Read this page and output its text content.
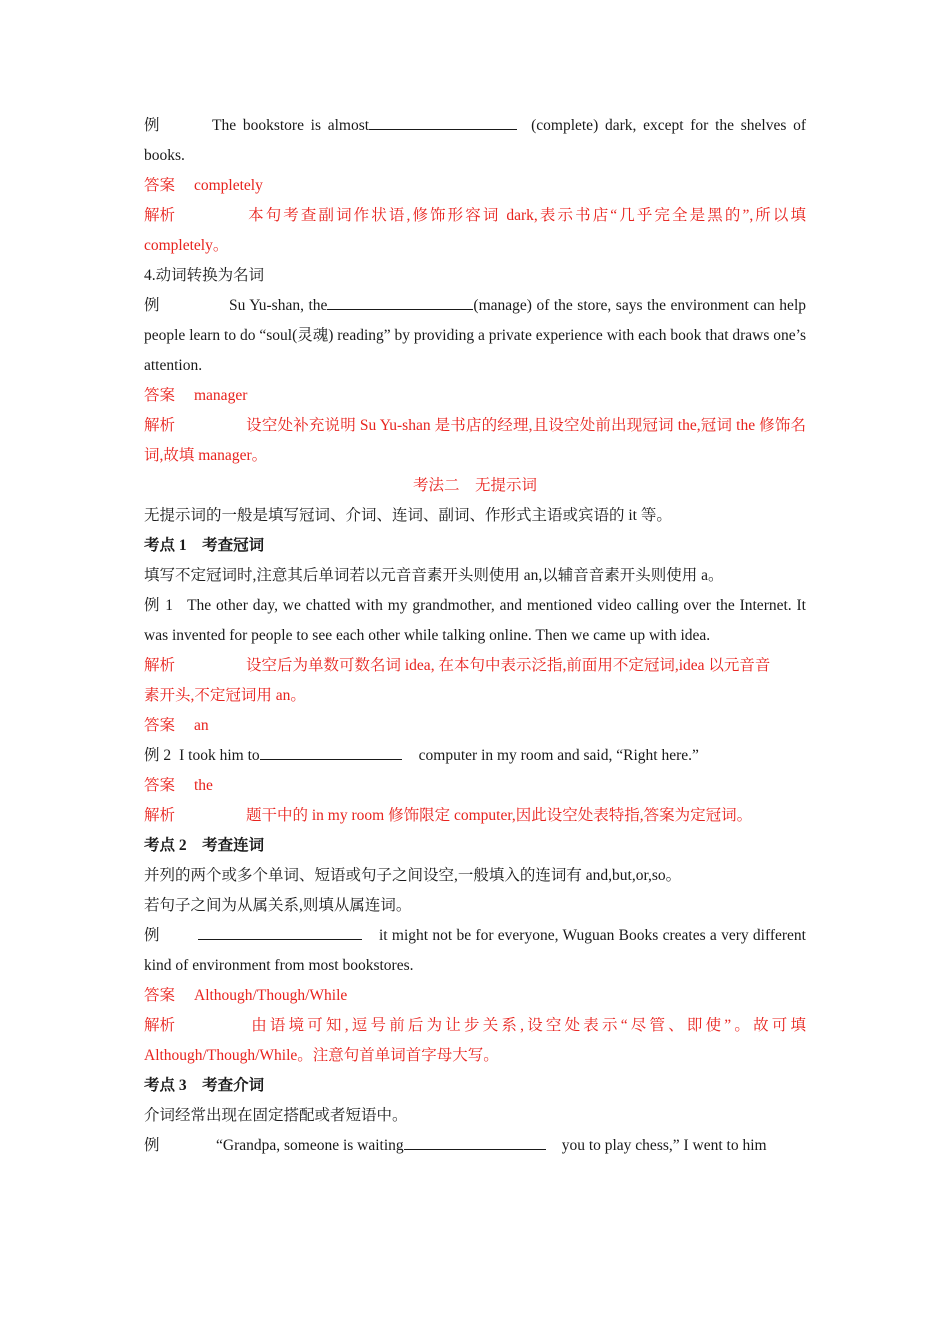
例	The bookstore is almost	(complete) dark, except for the shelves of books.

答案 completely

解析	本句考查副词作状语,修饰形容词 dark,表示书店“几乎完全是黑的”,所以填 completely。

4.动词转换为名词

例	Su Yu-shan, the	(manage) of the store, says the environment can help people learn to do “soul(灵魂) reading” by providing a private experience with each book that draws one’s attention.

答案 manager

解析	设空处补充说明 Su Yu-shan 是书店的经理,且设空处前出现冠词 the,冠词 the 修饰名词,故填 manager。

考法二　无提示词

无提示词的一般是填写冠词、介词、连词、副词、作形式主语或宾语的 it 等。

考点 1　考查冠词

填写不定冠词时,注意其后单词若以元音音素开头则使用 an,以辅音音素开头则使用 a。

例 1 The other day, we chatted with my grandmother, and mentioned video calling over the Internet. It was invented for people to see each other while talking online. Then we came up with idea.

解析	设空后为单数可数名词 idea, 在本句中表示泛指,前面用不定冠词,idea 以元音音

素开头,不定冠词用 an。

答案 an

例 2 I took him to	computer in my room and said, “Right here.”

答案 the

解析	题干中的 in my room 修饰限定 computer,因此设空处表特指,答案为定冠词。

考点 2　考查连词

并列的两个或多个单词、短语或句子之间设空,一般填入的连词有 and,but,or,so。

若句子之间为从属关系,则填从属连词。

例	it might not be for everyone, Wuguan Books creates a very different kind of environment from most bookstores.

答案 Although/Though/While

解析	由语境可知,逗号前后为让步关系,设空处表示“尽管、即使”。故可填 Although/Though/While。注意句首单词首字母大写。

考点 3　考查介词

介词经常出现在固定搭配或者短语中。

例	“Grandpa, someone is waiting	you to play chess,” I went to him
